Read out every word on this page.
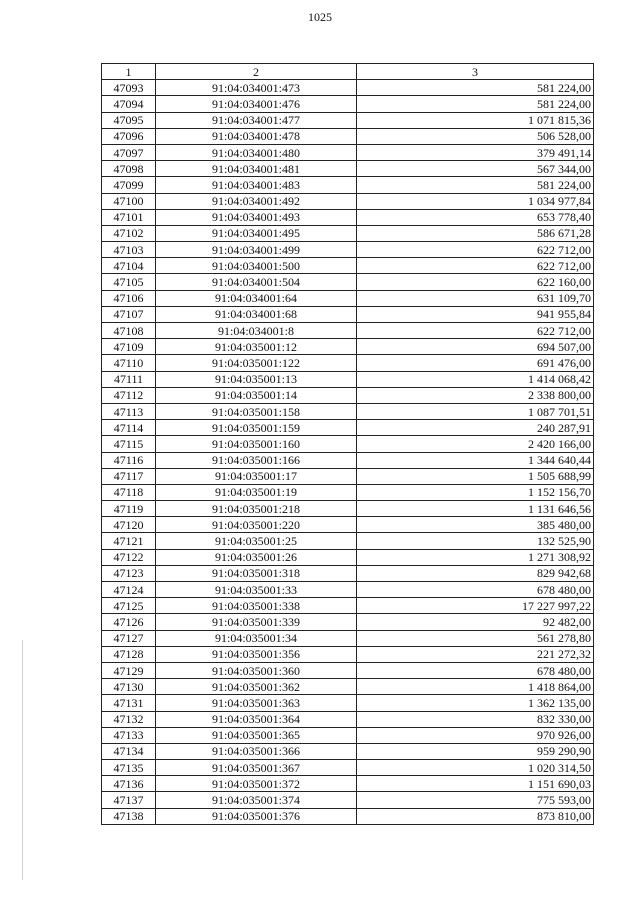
1025
1	2	3
47093	91:04:034001:473	581 224,00
47094	91:04:034001:476	581 224,00
47095	91:04:034001:477	1 071 815,36
47096	91:04:034001:478	506 528,00
47097	91:04:034001:480	379 491,14
47098	91:04:034001:481	567 344,00
47099	91:04:034001:483	581 224,00
47100	91:04:034001:492	1 034 977,84
47101	91:04:034001:493	653 778,40
47102	91:04:034001:495	586 671,28
47103	91:04:034001:499	622 712,00
47104	91:04:034001:500	622 712,00
47105	91:04:034001:504	622 160,00
47106	91:04:034001:64	631 109,70
47107	91:04:034001:68	941 955,84
47108	91:04:034001:8	622 712,00
47109	91:04:035001:12	694 507,00
47110	91:04:035001:122	691 476,00
47111	91:04:035001:13	1 414 068,42
47112	91:04:035001:14	2 338 800,00
47113	91:04:035001:158	1 087 701,51
47114	91:04:035001:159	240 287,91
47115	91:04:035001:160	2 420 166,00
47116	91:04:035001:166	1 344 640,44
47117	91:04:035001:17	1 505 688,99
47118	91:04:035001:19	1 152 156,70
47119	91:04:035001:218	1 131 646,56
47120	91:04:035001:220	385 480,00
47121	91:04:035001:25	132 525,90
47122	91:04:035001:26	1 271 308,92
47123	91:04:035001:318	829 942,68
47124	91:04:035001:33	678 480,00
47125	91:04:035001:338	17 227 997,22
47126	91:04:035001:339	92 482,00
47127	91:04:035001:34	561 278,80
47128	91:04:035001:356	221 272,32
47129	91:04:035001:360	678 480,00
47130	91:04:035001:362	1 418 864,00
47131	91:04:035001:363	1 362 135,00
47132	91:04:035001:364	832 330,00
47133	91:04:035001:365	970 926,00
47134	91:04:035001:366	959 290,90
47135	91:04:035001:367	1 020 314,50
47136	91:04:035001:372	1 151 690,03
47137	91:04:035001:374	775 593,00
47138	91:04:035001:376	873 810,00
